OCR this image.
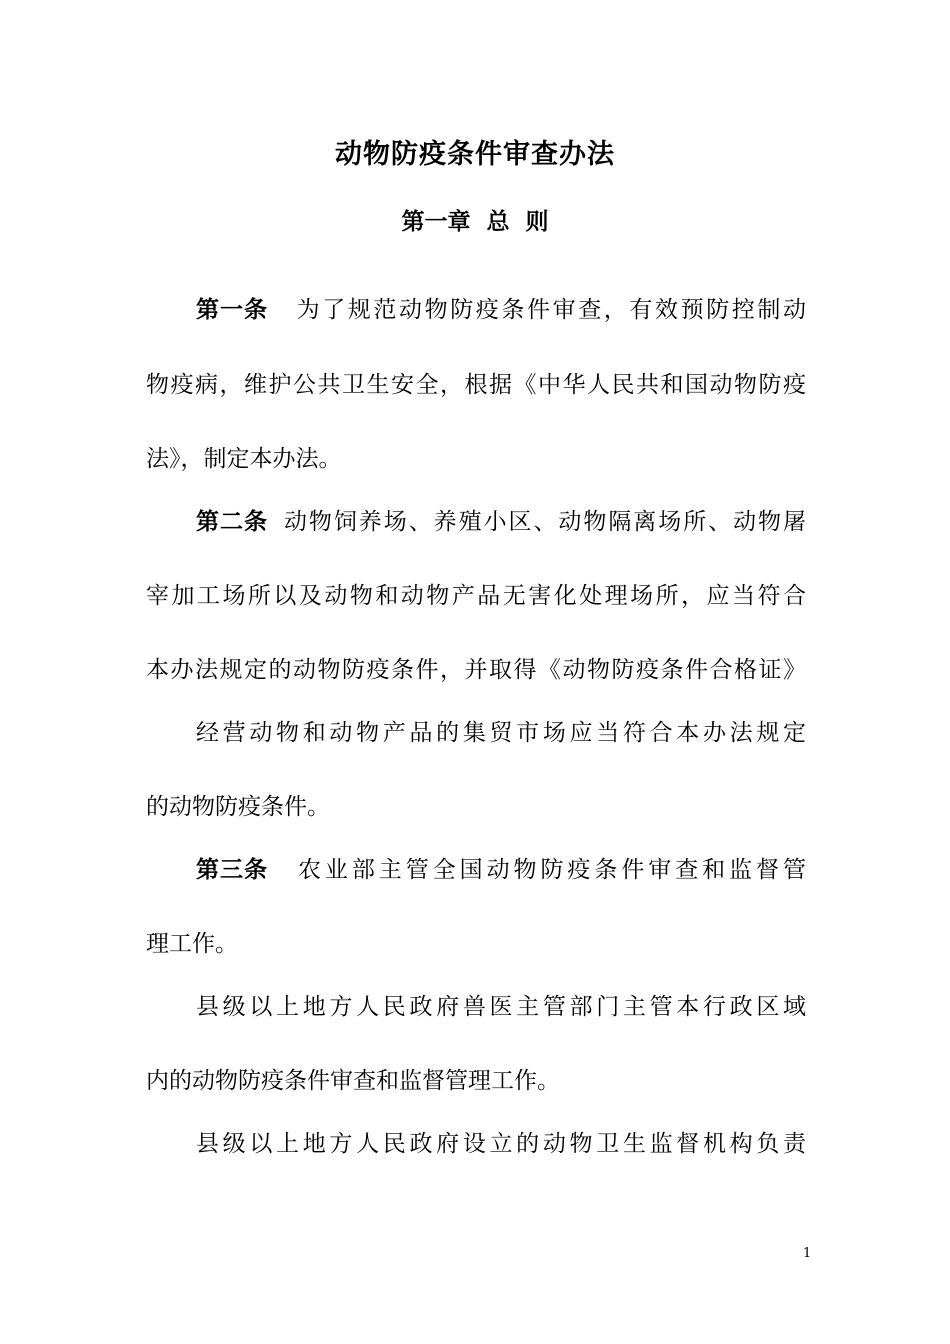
动物防疫条件审查办法
第一章  总  则

第一条 为了规范动物防疫条件审查，有效预防控制动

物疫病，维护公共卫生安全，根据《中华人民共和国动物防疫

法》，制定本办法。

第二条 动物饲养场、养殖小区、动物隔离场所、动物屠

宰加工场所以及动物和动物产品无害化处理场所，应当符合

本办法规定的动物防疫条件，并取得《动物防疫条件合格证》

经营动物和动物产品的集贸市场应当符合本办法规定

的动物防疫条件。

第三条 农业部主管全国动物防疫条件审查和监督管

理工作。

县级以上地方人民政府兽医主管部门主管本行政区域

内的动物防疫条件审查和监督管理工作。

县级以上地方人民政府设立的动物卫生监督机构负责

1
